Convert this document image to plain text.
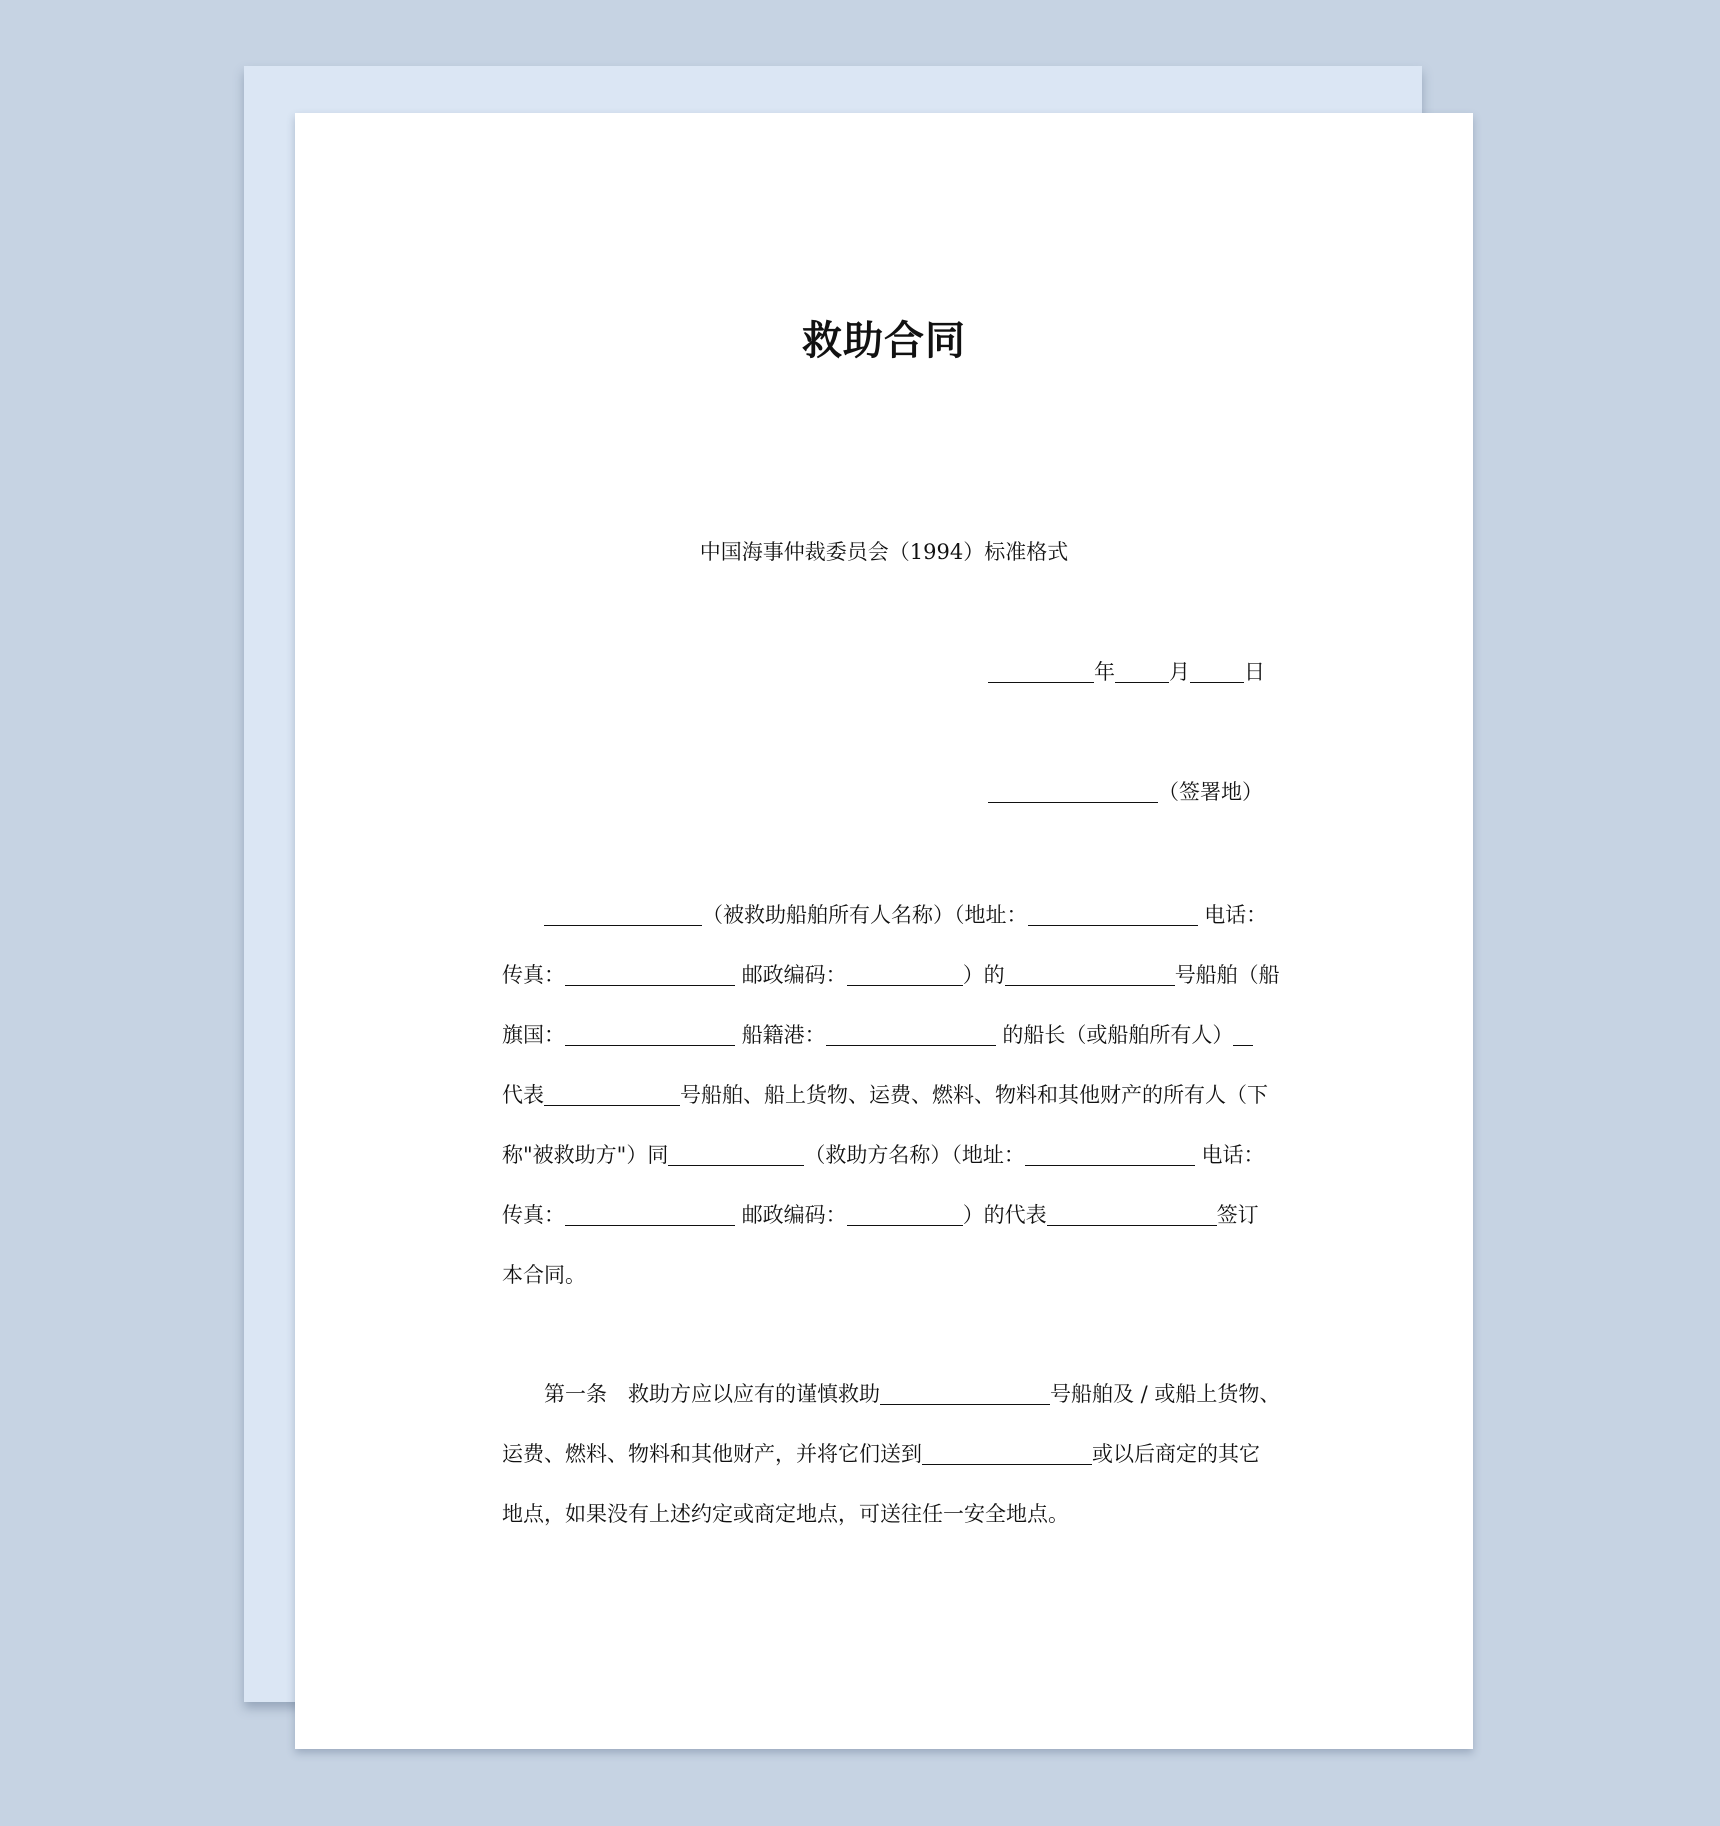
救助合同
中国海事仲裁委员会（1994）标准格式
年	月	日
（签署地）
（被救助船舶所有人名称）（地址：	电话：
传真：	邮政编码：	）的	号船舶（船
旗国：	船籍港：	的船长（或船舶所有人）
代表	号船舶、船上货物、运费、燃料、物料和其他财产的所有人（下
称"被救助方"）同	（救助方名称）（地址：	电话：
传真：	邮政编码：	）的代表	签订
本合同。
第一条　救助方应以应有的谨慎救助	号船舶及 / 或船上货物、
运费、燃料、物料和其他财产，并将它们送到	或以后商定的其它
地点，如果没有上述约定或商定地点，可送往任一安全地点。
